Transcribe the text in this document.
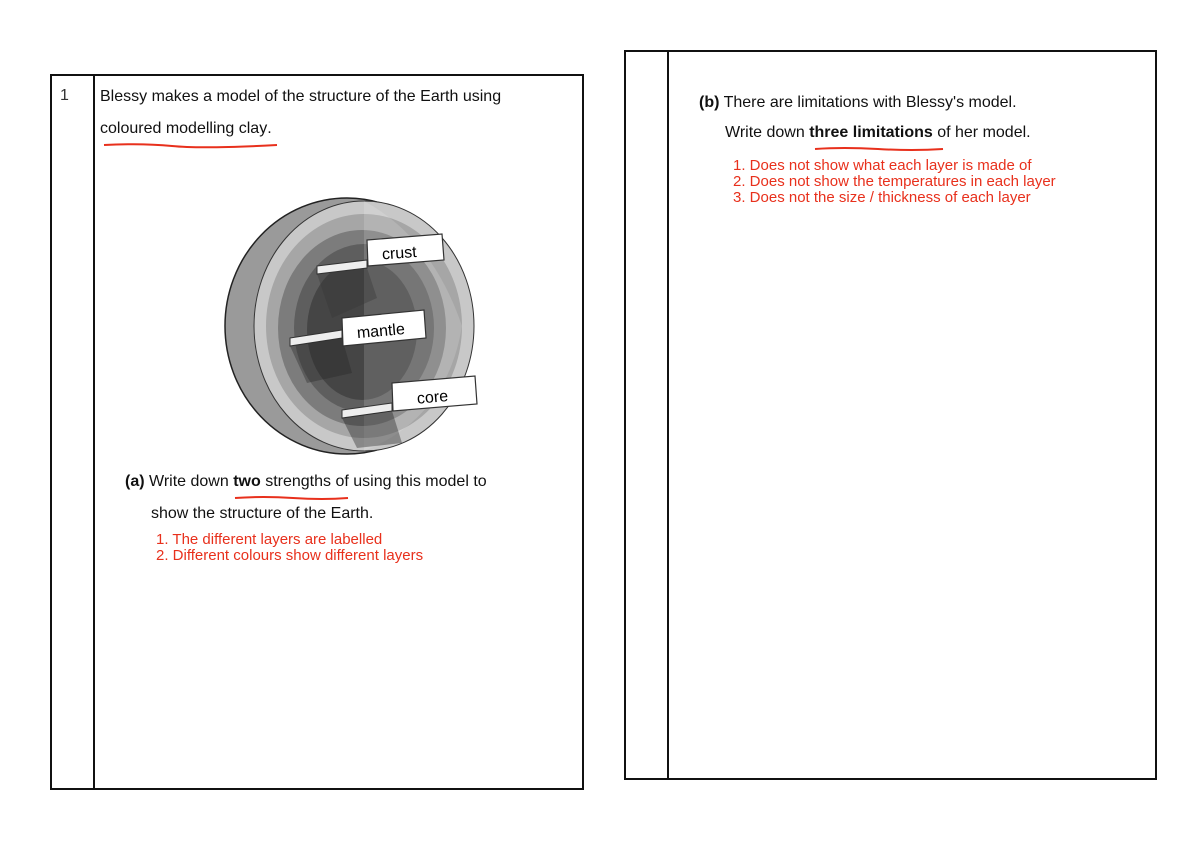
1 Blessy makes a model of the structure of the Earth using
coloured modelling clay
.
crust
mantle
core
(a) Write down two strengths of using this model to
show the structure of the Earth.
1. The different layers are labelled
2. Different colours show different layers
(b) There are limitations with Blessy's model.
Write down three limitations of her model.
1. Does not show what each layer is made of
2. Does not show the temperatures in each layer
3. Does not the size / thickness of each layer
